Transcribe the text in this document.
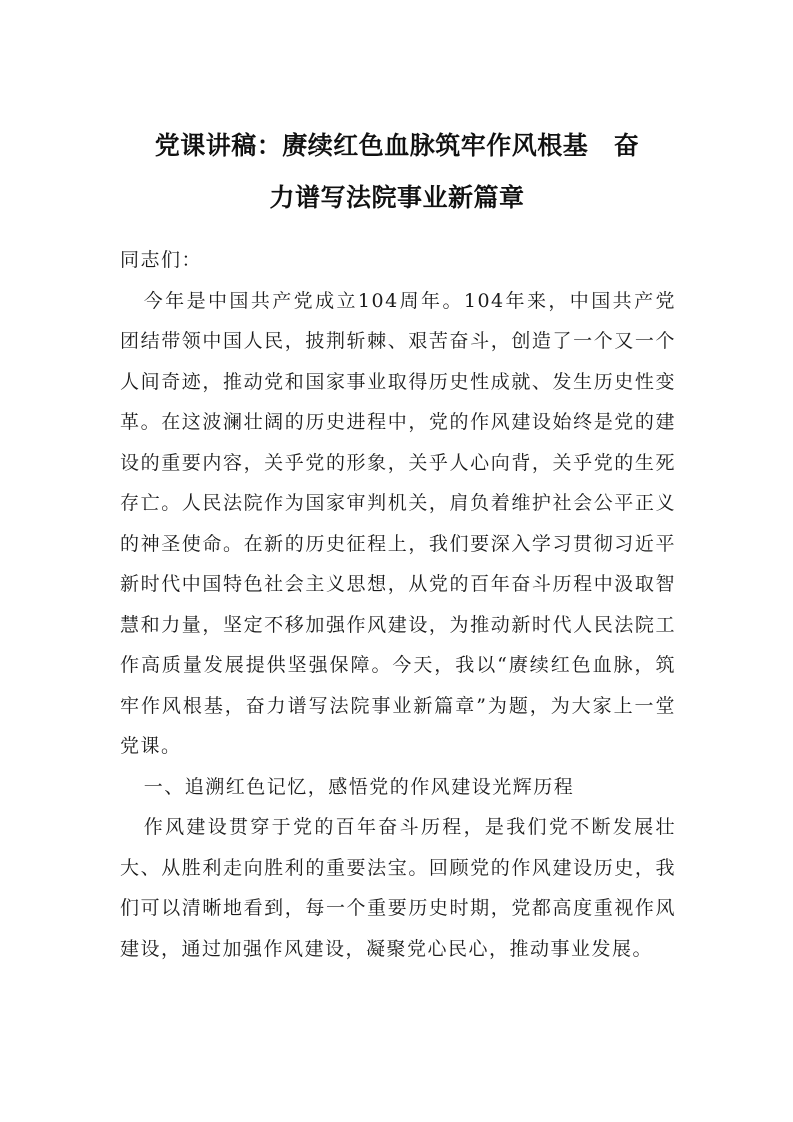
党课讲稿：赓续红色血脉筑牢作风根基　奋
力谱写法院事业新篇章

同志们：

今年是中国共产党成立104周年。104年来，中国共产党团结带领中国人民，披荆斩棘、艰苦奋斗，创造了一个又一个人间奇迹，推动党和国家事业取得历史性成就、发生历史性变革。在这波澜壮阔的历史进程中，党的作风建设始终是党的建设的重要内容，关乎党的形象，关乎人心向背，关乎党的生死存亡。人民法院作为国家审判机关，肩负着维护社会公平正义的神圣使命。在新的历史征程上，我们要深入学习贯彻习近平新时代中国特色社会主义思想，从党的百年奋斗历程中汲取智慧和力量，坚定不移加强作风建设，为推动新时代人民法院工作高质量发展提供坚强保障。今天，我以“赓续红色血脉，筑牢作风根基，奋力谱写法院事业新篇章”为题，为大家上一堂党课。

一、追溯红色记忆，感悟党的作风建设光辉历程

作风建设贯穿于党的百年奋斗历程，是我们党不断发展壮大、从胜利走向胜利的重要法宝。回顾党的作风建设历史，我们可以清晰地看到，每一个重要历史时期，党都高度重视作风建设，通过加强作风建设，凝聚党心民心，推动事业发展。
